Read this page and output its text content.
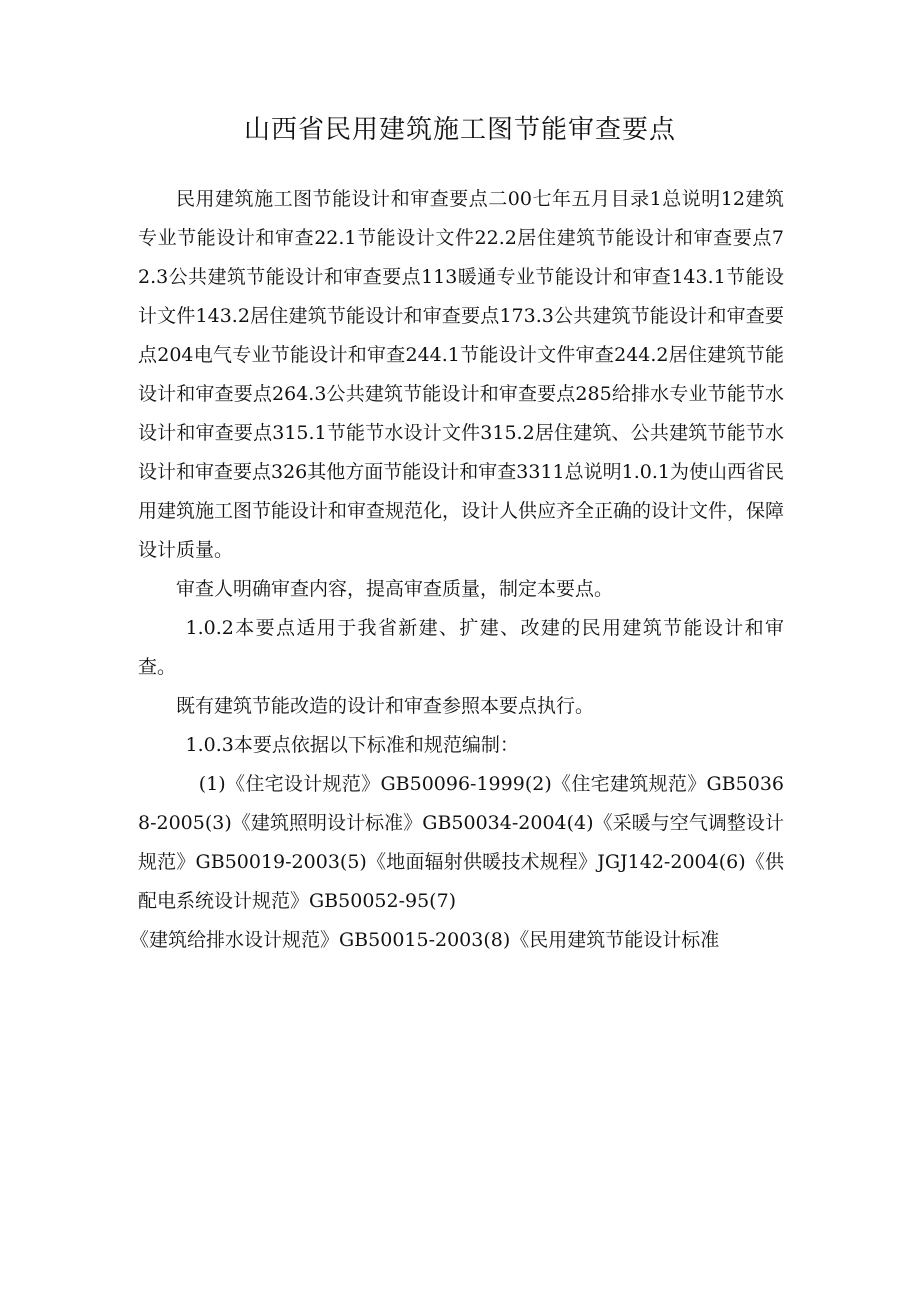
山西省民用建筑施工图节能审查要点

民用建筑施工图节能设计和审查要点二00七年五月目录1总说明12建筑专业节能设计和审查22.1节能设计文件22.2居住建筑节能设计和审查要点72.3公共建筑节能设计和审查要点113暖通专业节能设计和审查143.1节能设计文件143.2居住建筑节能设计和审查要点173.3公共建筑节能设计和审查要点204电气专业节能设计和审查244.1节能设计文件审查244.2居住建筑节能设计和审查要点264.3公共建筑节能设计和审查要点285给排水专业节能节水设计和审查要点315.1节能节水设计文件315.2居住建筑、公共建筑节能节水设计和审查要点326其他方面节能设计和审查3311总说明1.0.1为使山西省民用建筑施工图节能设计和审查规范化，设计人供应齐全正确的设计文件，保障设计质量。

审查人明确审查内容，提高审查质量，制定本要点。

1.0.2本要点适用于我省新建、扩建、改建的民用建筑节能设计和审查。

既有建筑节能改造的设计和审查参照本要点执行。

1.0.3本要点依据以下标准和规范编制：

(1)《住宅设计规范》GB50096-1999(2)《住宅建筑规范》GB50368-2005(3)《建筑照明设计标准》GB50034-2004(4)《采暖与空气调整设计规范》GB50019-2003(5)《地面辐射供暖技术规程》JGJ142-2004(6)《供配电系统设计规范》GB50052-95(7)

《建筑给排水设计规范》GB50015-2003(8)《民用建筑节能设计标准
